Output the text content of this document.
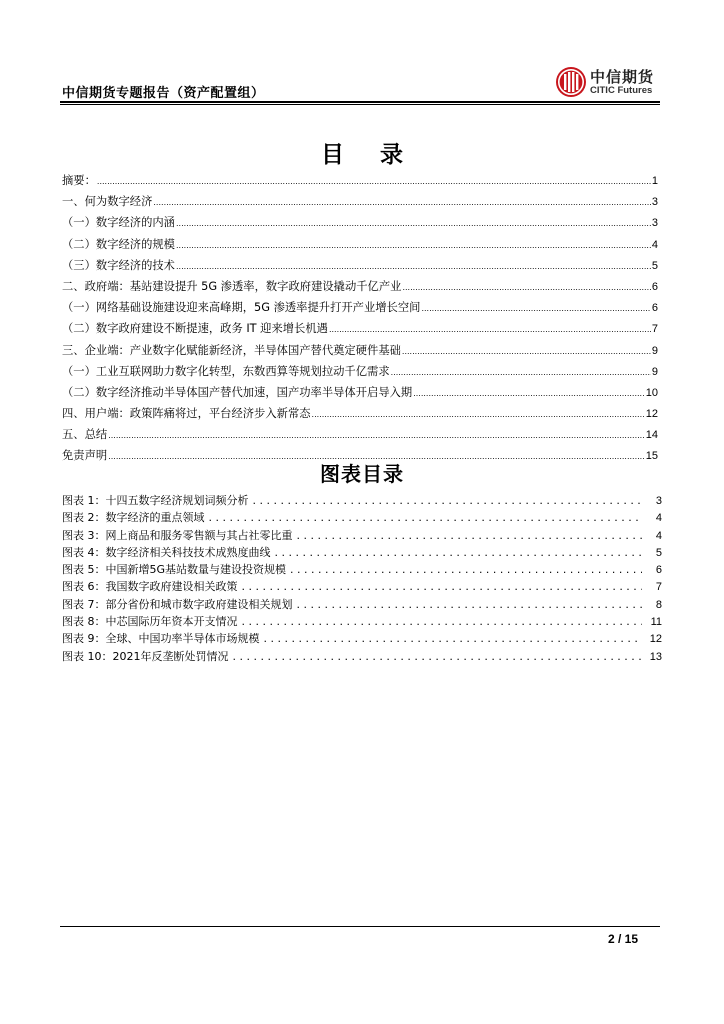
中信期货专题报告（资产配置组）
中信期货
CITIC Futures
目 录
摘要： .....	1
一、何为数字经济 .....	3
（一）数字经济的内涵 .....	3
（二）数字经济的规模 .....	4
（三）数字经济的技术 .....	5
二、政府端：基站建设提升 5G 渗透率，数字政府建设撬动千亿产业 .....	6
（一）网络基础设施建设迎来高峰期，5G 渗透率提升打开产业增长空间 .....	6
（二）数字政府建设不断提速，政务 IT 迎来增长机遇 .....	7
三、企业端：产业数字化赋能新经济，半导体国产替代奠定硬件基础 .....	9
（一）工业互联网助力数字化转型，东数西算等规划拉动千亿需求 .....	9
（二）数字经济推动半导体国产替代加速，国产功率半导体开启导入期 .....	10
四、用户端：政策阵痛将过，平台经济步入新常态 .....	12
五、总结 .....	14
免责声明 .....	15
图表目录
图表 1：十四五数字经济规划词频分析 .....	3
图表 2：数字经济的重点领域 .....	4
图表 3：网上商品和服务零售额与其占社零比重 .....	4
图表 4：数字经济相关科技技术成熟度曲线 .....	5
图表 5：中国新增5G基站数量与建设投资规模 .....	6
图表 6：我国数字政府建设相关政策 .....	7
图表 7：部分省份和城市数字政府建设相关规划 .....	8
图表 8：中芯国际历年资本开支情况 .....	11
图表 9：全球、中国功率半导体市场规模 .....	12
图表 10：2021年反垄断处罚情况 .....	13
2 / 15
